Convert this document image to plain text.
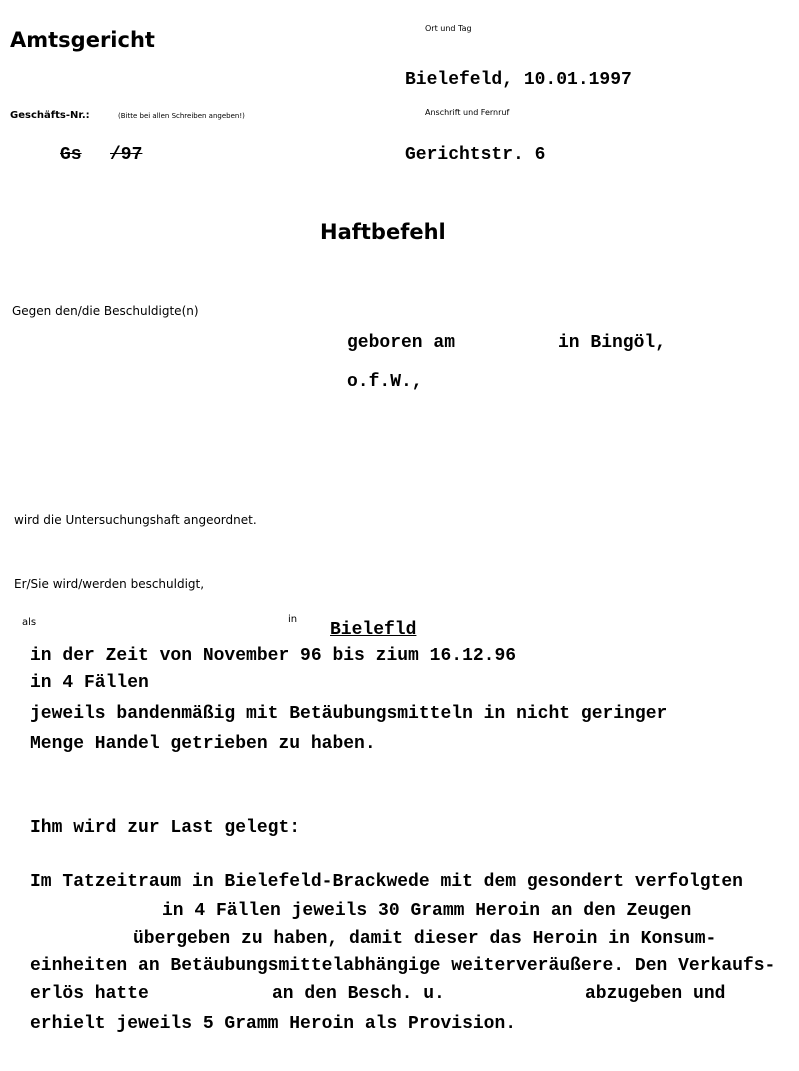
Amtsgericht	Ort und Tag
Bielefeld, 10.01.1997
Geschäfts-Nr.:	(Bitte bei allen Schreiben angeben!)	Anschrift und Fernruf
Gs /97	Gerichtstr. 6
Haftbefehl
Gegen den/die Beschuldigte(n)
geboren am	in Bingöl,
o.f.W.,
wird die Untersuchungshaft angeordnet.
Er/Sie wird/werden beschuldigt,
als	in
Bielefld
in der Zeit von November 96 bis zium 16.12.96
in 4 Fällen
jeweils bandenmäßig mit Betäubungsmitteln in nicht geringer
Menge Handel getrieben zu haben.
Ihm wird zur Last gelegt:
Im Tatzeitraum in Bielefeld-Brackwede mit dem gesondert verfolgten
in 4 Fällen jeweils 30 Gramm Heroin an den Zeugen
übergeben zu haben, damit dieser das Heroin in Konsum-
einheiten an Betäubungsmittelabhängige weiterveräußere. Den Verkaufs-
erlös hatte	an den Besch. u.	abzugeben und
erhielt jeweils 5 Gramm Heroin als Provision.
